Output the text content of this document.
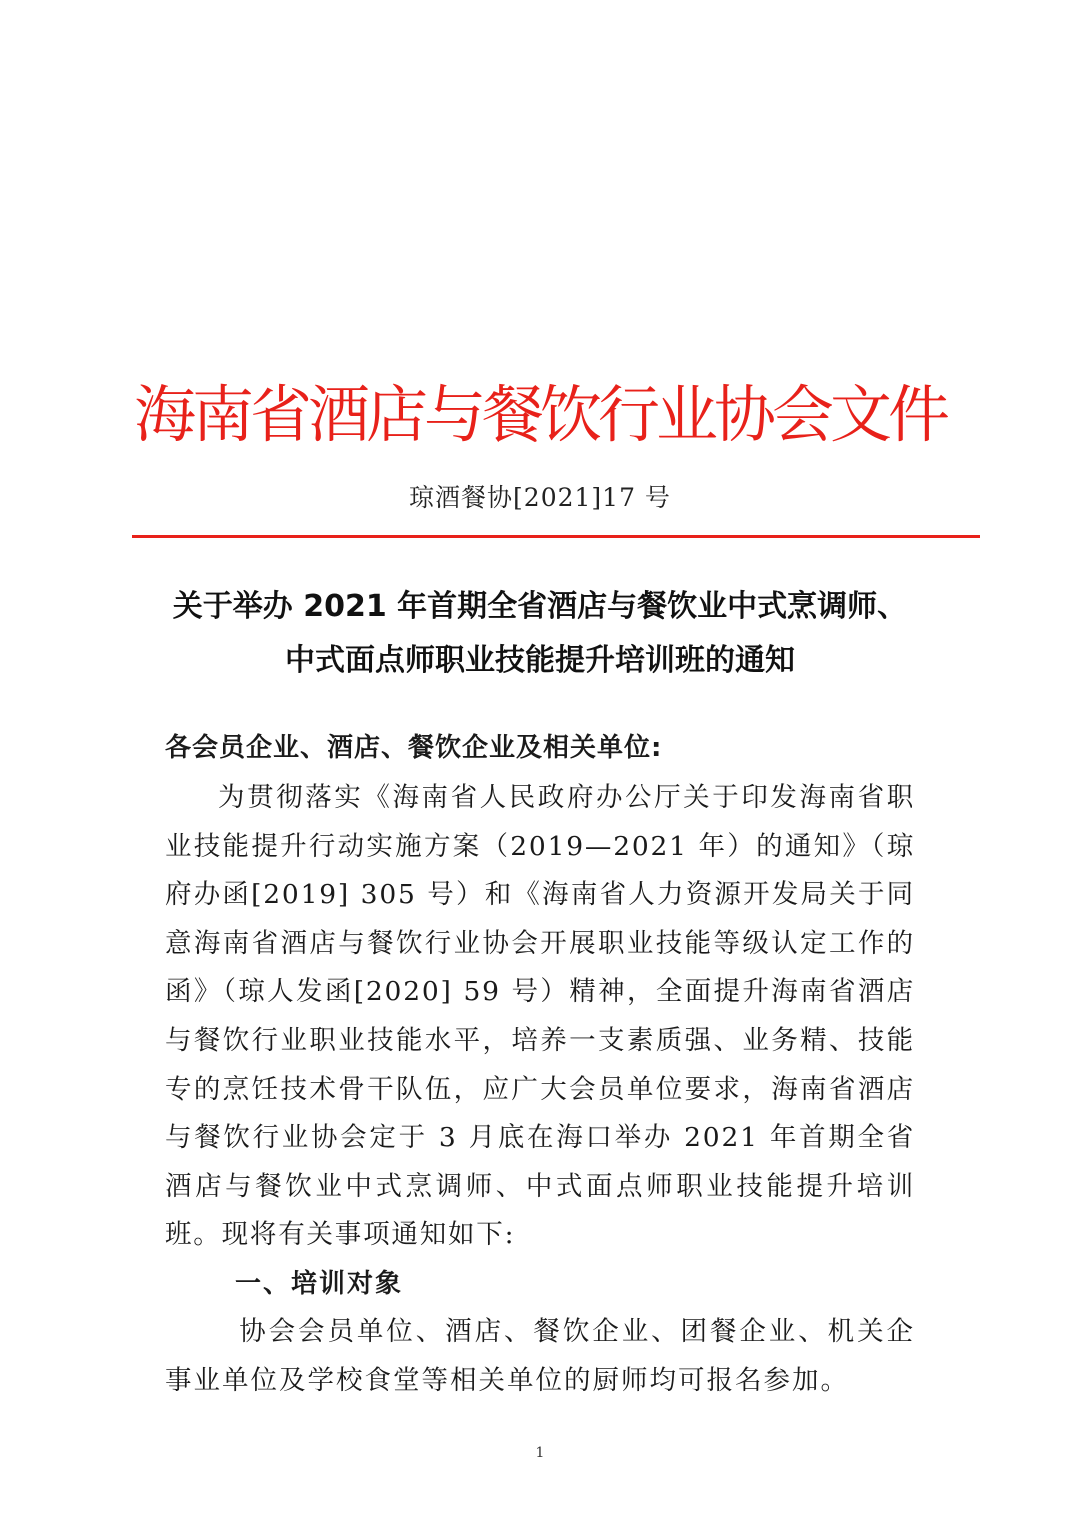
海南省酒店与餐饮行业协会文件
琼酒餐协[2021]17 号
关于举办 2021 年首期全省酒店与餐饮业中式烹调师、
中式面点师职业技能提升培训班的通知

各会员企业、酒店、餐饮企业及相关单位:

为贯彻落实《海南省人民政府办公厅关于印发海南省职业技能提升行动实施方案（2019—2021 年）的通知》（琼府办函[2019] 305 号）和《海南省人力资源开发局关于同意海南省酒店与餐饮行业协会开展职业技能等级认定工作的函》（琼人发函[2020] 59 号）精神，全面提升海南省酒店与餐饮行业职业技能水平，培养一支素质强、业务精、技能专的烹饪技术骨干队伍，应广大会员单位要求，海南省酒店与餐饮行业协会定于 3 月底在海口举办 2021 年首期全省酒店与餐饮业中式烹调师、中式面点师职业技能提升培训班。现将有关事项通知如下:

一、培训对象

协会会员单位、酒店、餐饮企业、团餐企业、机关企事业单位及学校食堂等相关单位的厨师均可报名参加。

1
